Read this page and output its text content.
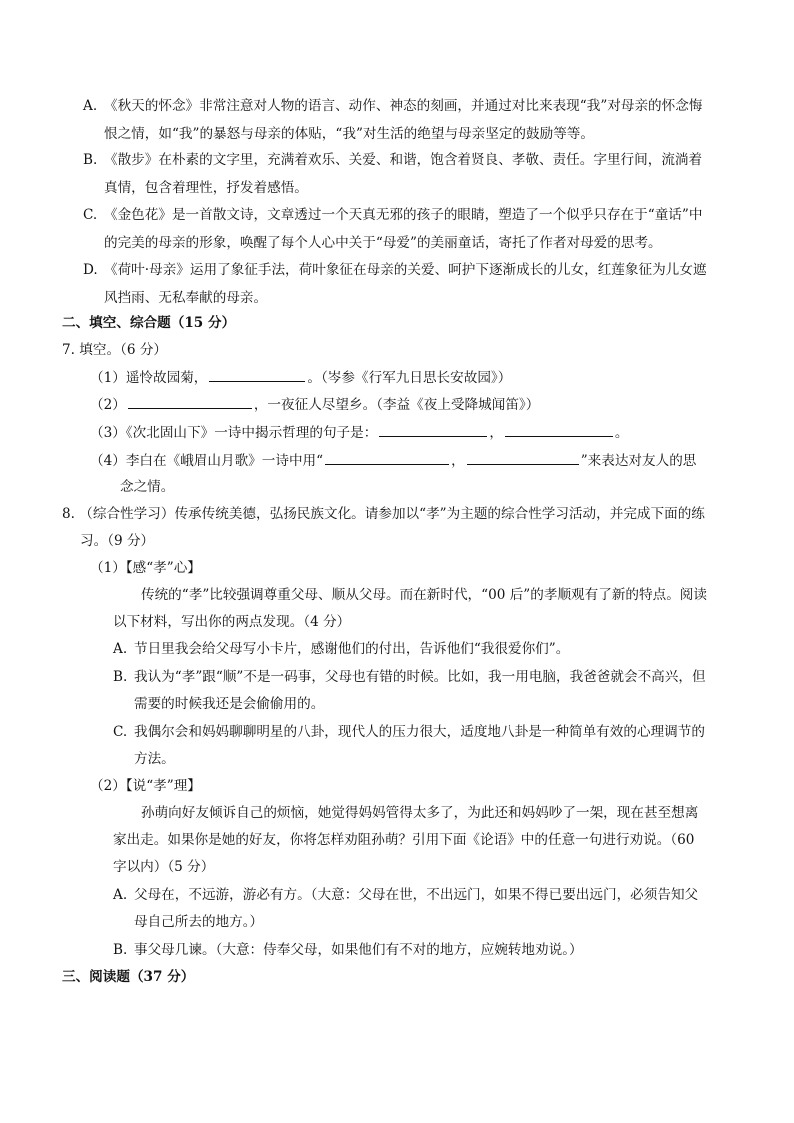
A. 《秋天的怀念》非常注意对人物的语言、动作、神态的刻画，并通过对比来表现“我”对母亲的怀念悔
恨之情，如“我”的暴怒与母亲的体贴，“我”对生活的绝望与母亲坚定的鼓励等等。
B. 《散步》在朴素的文字里，充满着欢乐、关爱、和谐，饱含着贤良、孝敬、责任。字里行间，流淌着
真情，包含着理性，抒发着感悟。
C. 《金色花》是一首散文诗，文章透过一个天真无邪的孩子的眼睛，塑造了一个似乎只存在于“童话”中
的完美的母亲的形象，唤醒了每个人心中关于“母爱”的美丽童话，寄托了作者对母爱的思考。
D. 《荷叶·母亲》运用了象征手法，荷叶象征在母亲的关爱、呵护下逐渐成长的儿女，红莲象征为儿女遮
风挡雨、无私奉献的母亲。
二、填空、综合题（15 分）
7. 填空。（6 分）
（1）遥怜故园菊，	。（岑参《行军九日思长安故园》）
（2）	，一夜征人尽望乡。（李益《夜上受降城闻笛》）
（3）《次北固山下》一诗中揭示哲理的句子是：	，	。
（4）李白在《峨眉山月歌》一诗中用“	，	”来表达对友人的思
念之情。
8. （综合性学习）传承传统美德，弘扬民族文化。请参加以“孝”为主题的综合性学习活动，并完成下面的练
习。（9 分）
（1）【感“孝”心】
传统的“孝”比较强调尊重父母、顺从父母。而在新时代，“00 后”的孝顺观有了新的特点。阅读
以下材料，写出你的两点发现。（4 分）
A. 节日里我会给父母写小卡片，感谢他们的付出，告诉他们“我很爱你们”。
B. 我认为“孝”跟“顺”不是一码事，父母也有错的时候。比如，我一用电脑，我爸爸就会不高兴，但
需要的时候我还是会偷偷用的。
C. 我偶尔会和妈妈聊聊明星的八卦，现代人的压力很大，适度地八卦是一种简单有效的心理调节的
方法。
（2）【说“孝”理】
孙萌向好友倾诉自己的烦恼，她觉得妈妈管得太多了，为此还和妈妈吵了一架，现在甚至想离
家出走。如果你是她的好友，你将怎样劝阻孙萌？引用下面《论语》中的任意一句进行劝说。（60
字以内）（5 分）
A. 父母在，不远游，游必有方。（大意：父母在世，不出远门，如果不得已要出远门，必须告知父
母自己所去的地方。）
B. 事父母几谏。（大意：侍奉父母，如果他们有不对的地方，应婉转地劝说。）
三、阅读题（37 分）
